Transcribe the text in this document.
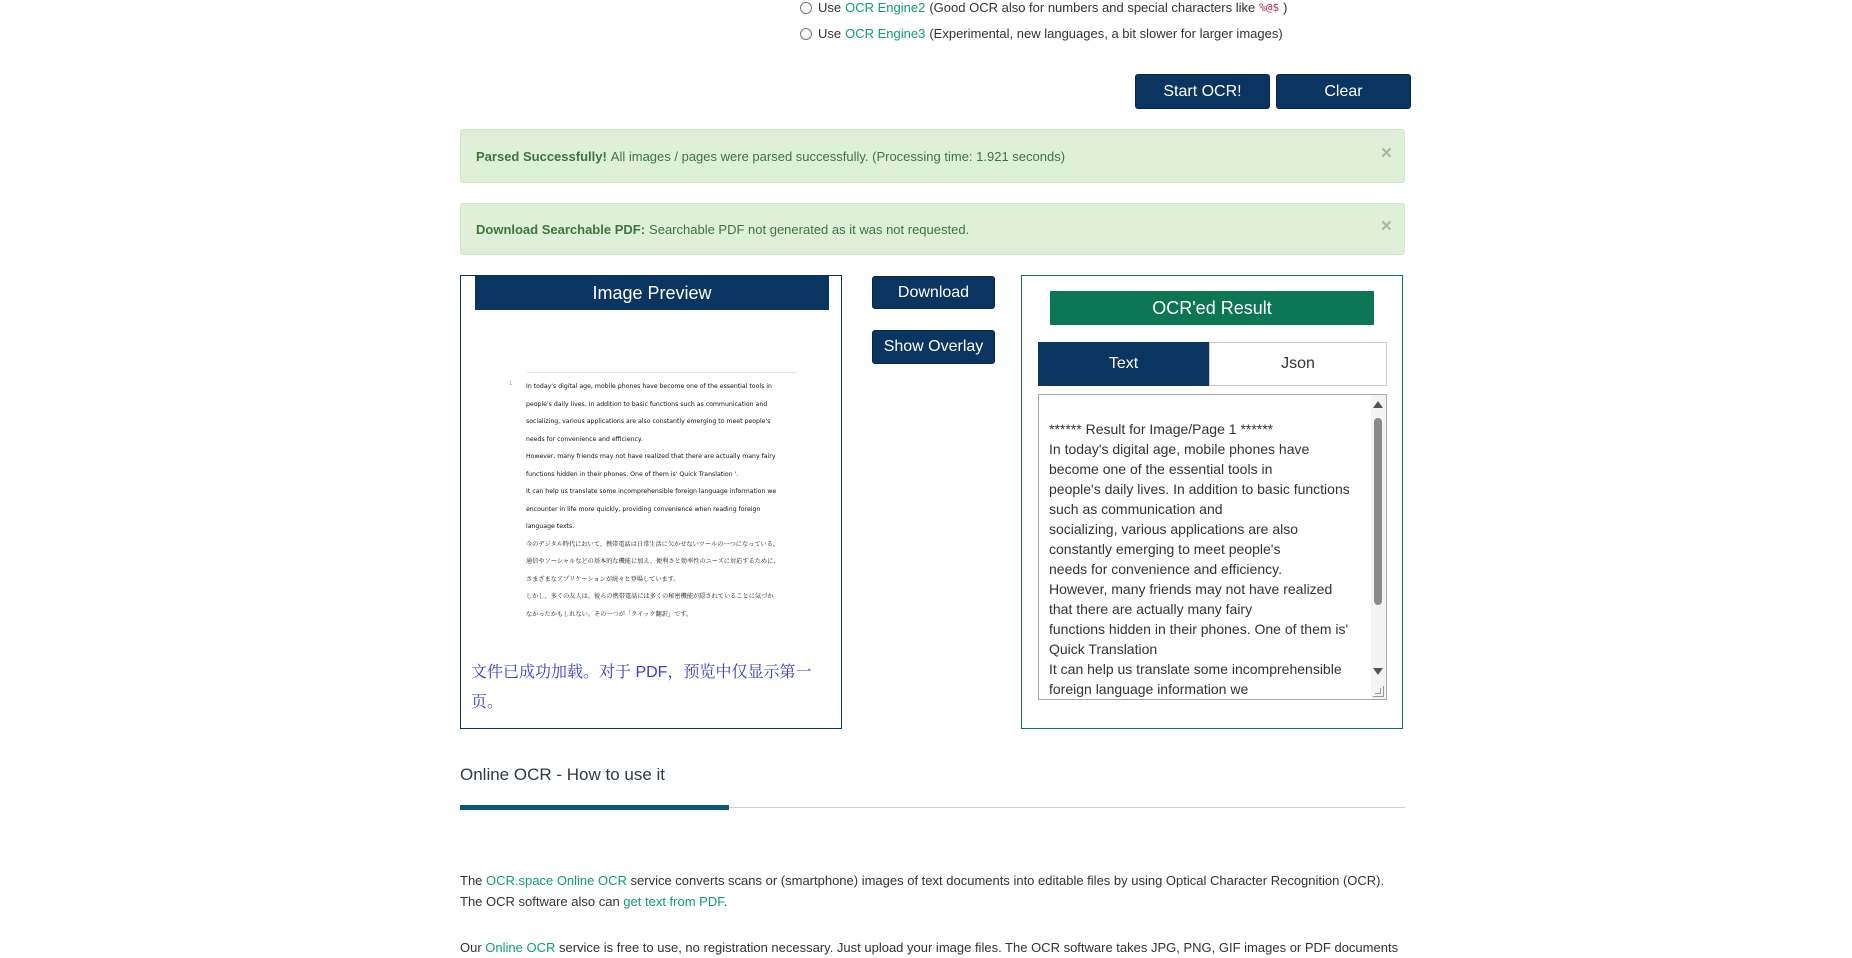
Use OCR Engine2 (Good OCR also for numbers and special characters like %@$ )
Use OCR Engine3 (Experimental, new languages, a bit slower for larger images)
Start OCR!	Clear
Parsed Successfully! All images / pages were parsed successfully. (Processing time: 1.921 seconds)	×
Download Searchable PDF: Searchable PDF not generated as it was not requested.	×
Image Preview
1 In today's digital age, mobile phones have become one of the essential tools in
people's daily lives. In addition to basic functions such as communication and
socializing, various applications are also constantly emerging to meet people's
needs for convenience and efficiency.
However, many friends may not have realized that there are actually many fairy
functions hidden in their phones. One of them is' Quick Translation '.
It can help us translate some incomprehensible foreign language information we
encounter in life more quickly, providing convenience when reading foreign
language texts.
今のデジタル時代において、携帯電話は日常生活に欠かせないツールの一つになっている。
通信やソーシャルなどの基本的な機能に加え、便利さと効率性のニーズに対応するために、
さまざまなアプリケーションが続々と登場しています。
しかし、多くの友人は、彼らの携帯電話には多くの秘密機能が隠されていることに気づか
なかったかもしれない。その一つが「クイック翻訳」です。
文件已成功加载。对于 PDF，预览中仅显示第一页。
Download
Show Overlay
OCR'ed Result
Text	Json
****** Result for Image/Page 1 ******
In today's digital age, mobile phones have
become one of the essential tools in
people's daily lives. In addition to basic functions
such as communication and
socializing, various applications are also
constantly emerging to meet people's
needs for convenience and efficiency.
However, many friends may not have realized
that there are actually many fairy
functions hidden in their phones. One of them is'
Quick Translation
It can help us translate some incomprehensible
foreign language information we
Online OCR - How to use it
The OCR.space Online OCR service converts scans or (smartphone) images of text documents into editable files by using Optical Character Recognition (OCR).
The OCR software also can get text from PDF.
Our Online OCR service is free to use, no registration necessary. Just upload your image files. The OCR software takes JPG, PNG, GIF images or PDF documents
